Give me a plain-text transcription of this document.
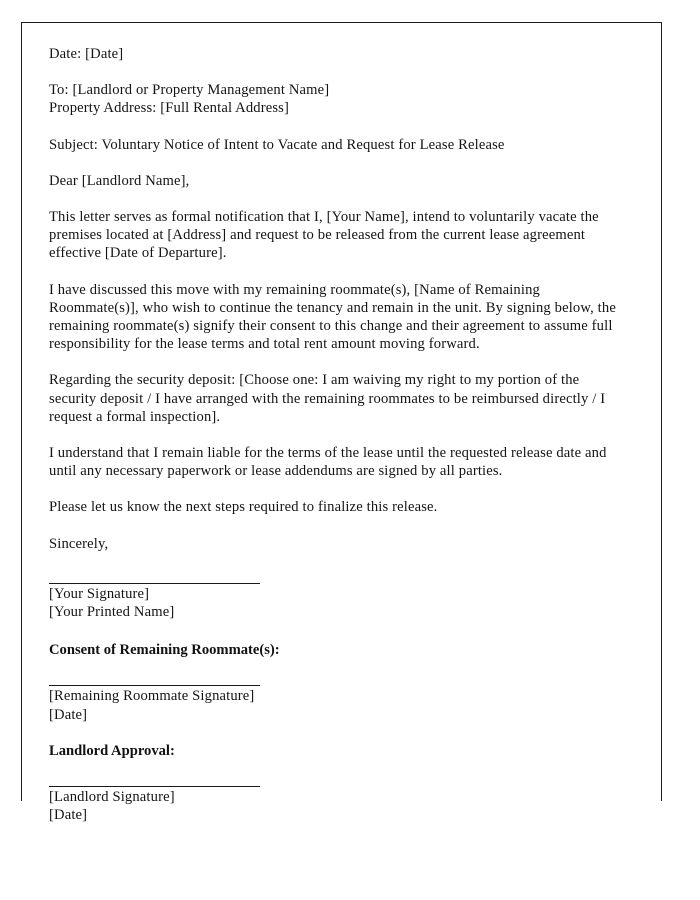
Date: [Date]

To: [Landlord or Property Management Name]

Property Address: [Full Rental Address]

Subject: Voluntary Notice of Intent to Vacate and Request for Lease Release

Dear [Landlord Name],

This letter serves as formal notification that I, [Your Name], intend to voluntarily vacate the premises located at [Address] and request to be released from the current lease agreement effective [Date of Departure].

I have discussed this move with my remaining roommate(s), [Name of Remaining Roommate(s)], who wish to continue the tenancy and remain in the unit. By signing below, the remaining roommate(s) signify their consent to this change and their agreement to assume full responsibility for the lease terms and total rent amount moving forward.

Regarding the security deposit: [Choose one: I am waiving my right to my portion of the security deposit / I have arranged with the remaining roommates to be reimbursed directly / I request a formal inspection].

I understand that I remain liable for the terms of the lease until the requested release date and until any necessary paperwork or lease addendums are signed by all parties.

Please let us know the next steps required to finalize this release.

Sincerely,

[Your Signature]

[Your Printed Name]

Consent of Remaining Roommate(s):

[Remaining Roommate Signature]

[Date]

Landlord Approval:

[Landlord Signature]

[Date]
